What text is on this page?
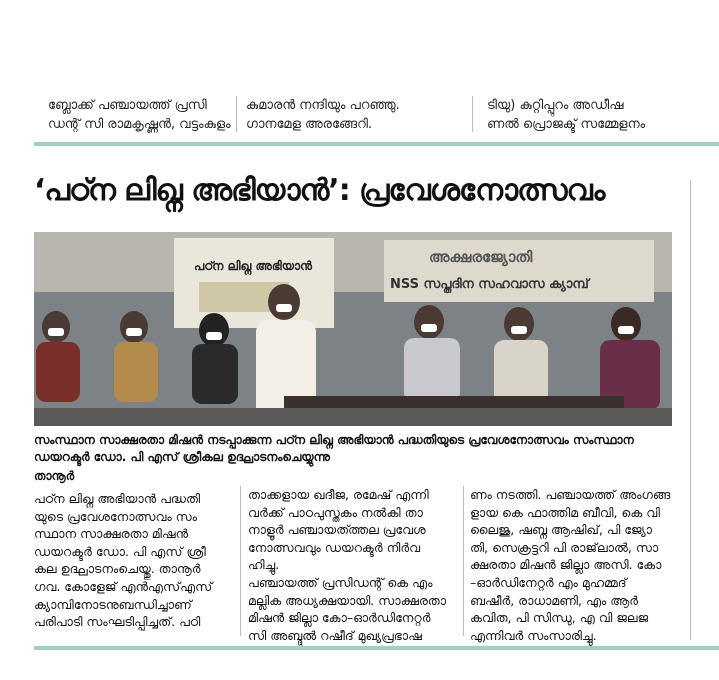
ബ്ലോക്ക് പഞ്ചായത്ത് പ്രസി
ഡന്റ് സി രാമകൃഷ്ണൻ, വട്ടംകുളം
കുമാരൻ നന്ദിയും പറഞ്ഞു.
ഗാനമേള അരങ്ങേറി.
ടിയു) കുറ്റിപ്പുറം അഡീഷ
ണൽ പ്രൊജക്ട് സമ്മേളനം
‘പഠ്ന ലിഖ്ന അഭിയാൻ’: പ്രവേശനോത്സവം
പഠ്ന ലിഖ്ന അഭിയാൻ	അക്ഷരജ്യോതി
NSS സപ്തദിന സഹവാസ ക്യാമ്പ്
സംസ്ഥാന സാക്ഷരതാ മിഷൻ നടപ്പാക്കുന്ന പഠ്ന ലിഖ്ന അഭിയാൻ പദ്ധതിയുടെ പ്രവേശനോത്സവം സംസ്ഥാന ഡയറക്ടർ ഡോ. പി എസ് ശ്രീകല ഉദ്ഘാടനംചെയ്യുന്നു
താനൂർ

പഠ്ന ലിഖ്ന അഭിയാൻ പദ്ധതി

യുടെ പ്രവേശനോത്സവം സം

സ്ഥാന സാക്ഷരതാ മിഷൻ

ഡയറക്ടർ ഡോ. പി എസ് ശ്രീ

കല ഉദ്ഘാടനംചെയ്തു. താനൂർ

ഗവ. കോളേജ് എൻഎസ്എസ്

ക്യാമ്പിനോടനുബന്ധിച്ചാണ്

പരിപാടി സംഘടിപ്പിച്ചത്. പഠി

താക്കളായ ഖദീജ, രമേഷ് എന്നി

വർക്ക് പാഠപുസ്തകം നൽകി താ

നാളൂർ പഞ്ചായത്ത്തല പ്രവേശ

നോത്സവവും ഡയറക്ടർ നിർവ

ഹിച്ചു.

പഞ്ചായത്ത് പ്രസിഡന്റ് കെ എം

മല്ലിക അധ്യക്ഷയായി. സാക്ഷരതാ

മിഷൻ ജില്ലാ കോ–ഓർഡിനേറ്റർ

സി അബ്ദുൽ റഷീദ് മുഖ്യപ്രഭാഷ

ണം നടത്തി. പഞ്ചായത്ത് അംഗങ്ങ

ളായ കെ ഫാത്തിമ ബീവി, കെ വി

ലൈജു, ഷബ്ന ആഷിഖ്, പി ജ്യോ

തി, സെക്രട്ടറി പി രാജ്‌ലാൽ, സാ

ക്ഷരതാ മിഷൻ ജില്ലാ അസി. കോ

–ഓർഡിനേറ്റർ എം മുഹമ്മദ്

ബഷീർ, രാധാമണി, എം ആർ

കവിത, പി സിന്ധു, എ വി ജലജ

എന്നിവർ സംസാരിച്ചു.
